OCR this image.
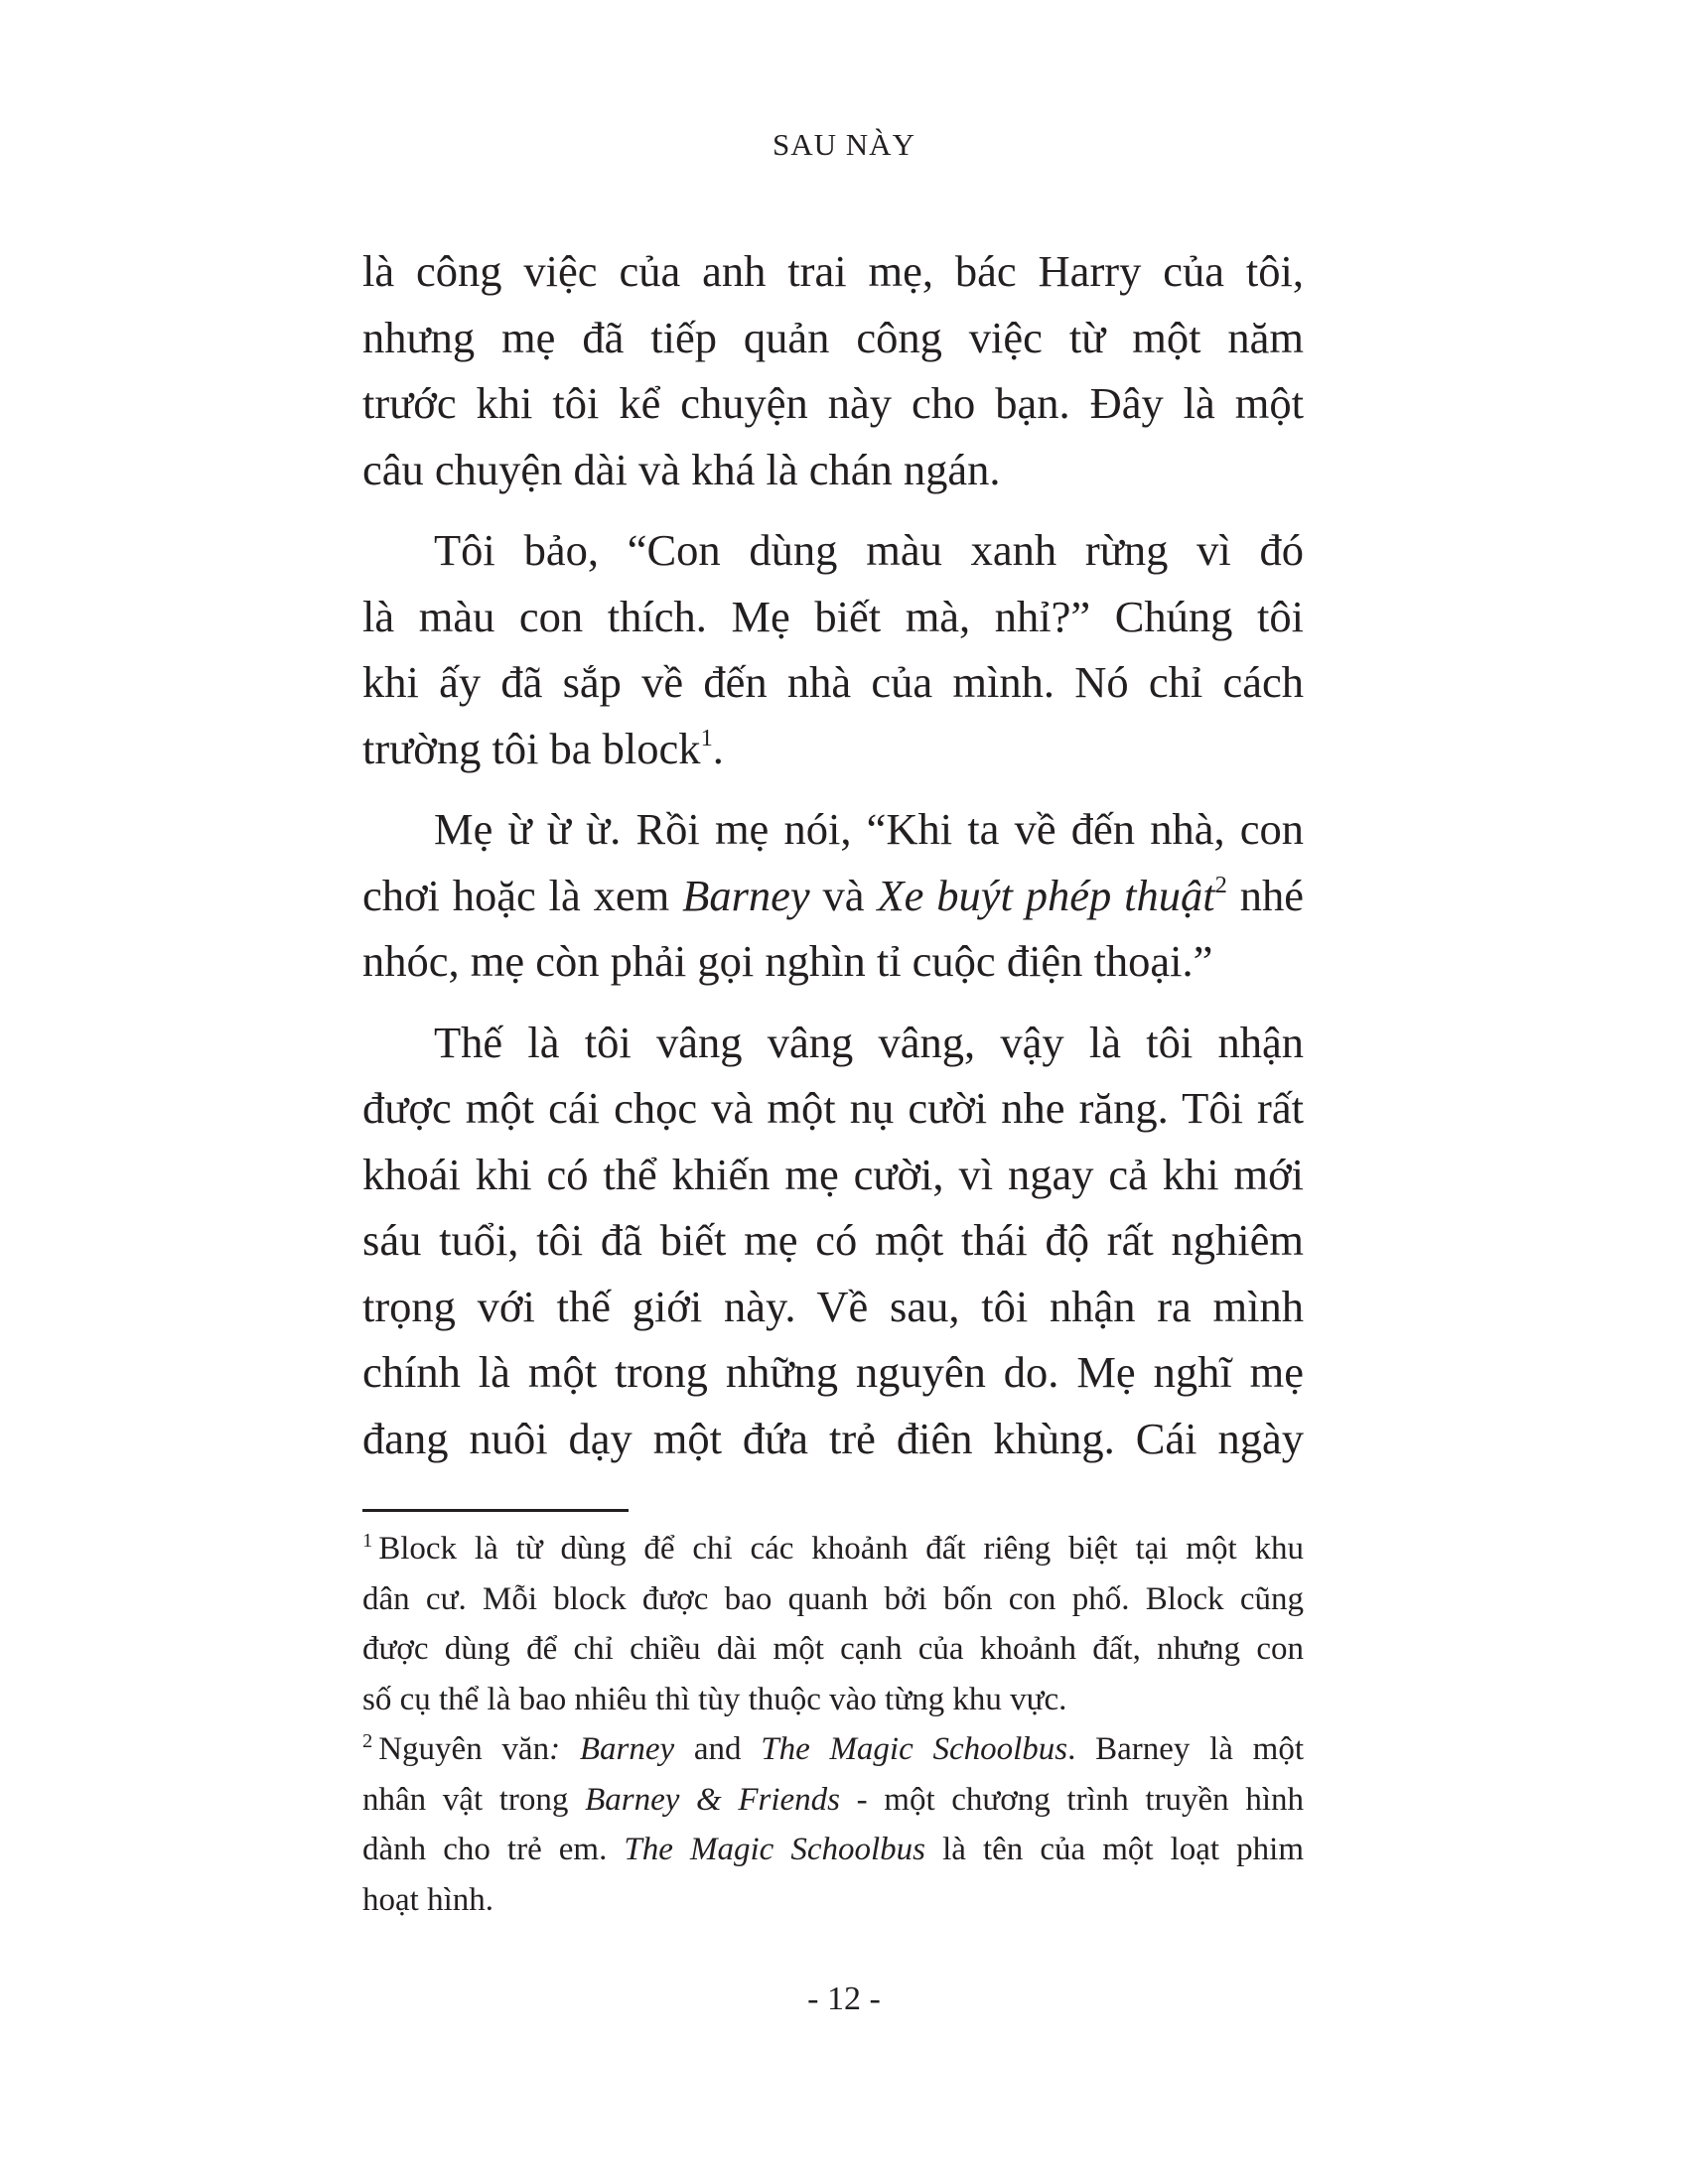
SAU NÀY

là công việc của anh trai mẹ, bác Harry của tôi,

nhưng mẹ đã tiếp quản công việc từ một năm

trước khi tôi kể chuyện này cho bạn. Đây là một

câu chuyện dài và khá là chán ngán.

Tôi bảo, “Con dùng màu xanh rừng vì đó

là màu con thích. Mẹ biết mà, nhỉ?” Chúng tôi

khi ấy đã sắp về đến nhà của mình. Nó chỉ cách

trường tôi ba block$^1$.

Mẹ ừ ừ ừ. Rồi mẹ nói, “Khi ta về đến nhà, con

chơi hoặc là xem Barney và Xe buýt phép thuật$^2$ nhé

nhóc, mẹ còn phải gọi nghìn tỉ cuộc điện thoại.”

Thế là tôi vâng vâng vâng, vậy là tôi nhận

được một cái chọc và một nụ cười nhe răng. Tôi rất

khoái khi có thể khiến mẹ cười, vì ngay cả khi mới

sáu tuổi, tôi đã biết mẹ có một thái độ rất nghiêm

trọng với thế giới này. Về sau, tôi nhận ra mình

chính là một trong những nguyên do. Mẹ nghĩ mẹ

đang nuôi dạy một đứa trẻ điên khùng. Cái ngày

$^1$ Block là từ dùng để chỉ các khoảnh đất riêng biệt tại một khu

dân cư. Mỗi block được bao quanh bởi bốn con phố. Block cũng

được dùng để chỉ chiều dài một cạnh của khoảnh đất, nhưng con

số cụ thể là bao nhiêu thì tùy thuộc vào từng khu vực.

$^2$ Nguyên văn: Barney and The Magic Schoolbus. Barney là một

nhân vật trong Barney & Friends - một chương trình truyền hình

dành cho trẻ em. The Magic Schoolbus là tên của một loạt phim

hoạt hình.

- 12 -
